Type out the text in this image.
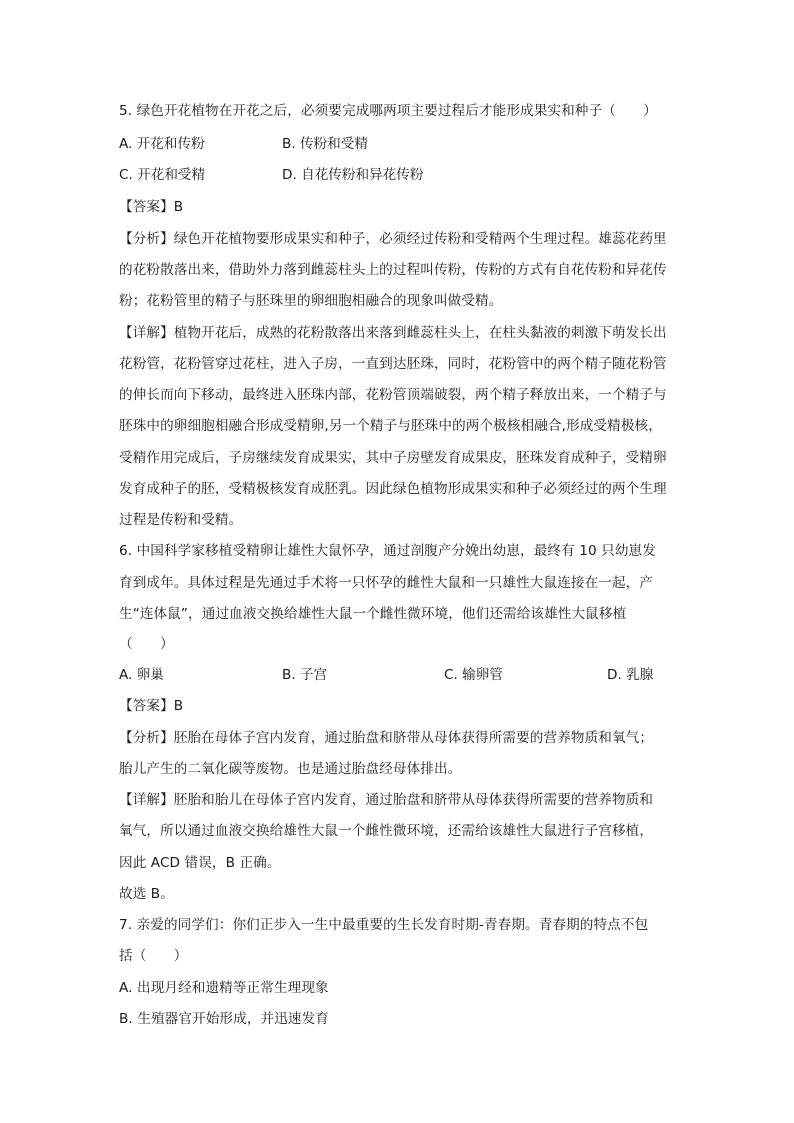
5. 绿色开花植物在开花之后，必须要完成哪两项主要过程后才能形成果实和种子（　　）
A. 开花和传粉	B. 传粉和受精
C. 开花和受精	D. 自花传粉和异花传粉
【答案】B
【分析】绿色开花植物要形成果实和种子，必须经过传粉和受精两个生理过程。雄蕊花药里
的花粉散落出来，借助外力落到雌蕊柱头上的过程叫传粉，传粉的方式有自花传粉和异花传
粉；花粉管里的精子与胚珠里的卵细胞相融合的现象叫做受精。
【详解】植物开花后，成熟的花粉散落出来落到雌蕊柱头上，在柱头黏液的刺激下萌发长出
花粉管，花粉管穿过花柱，进入子房，一直到达胚珠，同时，花粉管中的两个精子随花粉管
的伸长而向下移动，最终进入胚珠内部，花粉管顶端破裂，两个精子释放出来，一个精子与
胚珠中的卵细胞相融合形成受精卵,另一个精子与胚珠中的两个极核相融合,形成受精极核，
受精作用完成后，子房继续发育成果实，其中子房壁发育成果皮，胚珠发育成种子，受精卵
发育成种子的胚，受精极核发育成胚乳。因此绿色植物形成果实和种子必须经过的两个生理
过程是传粉和受精。
6. 中国科学家移植受精卵让雄性大鼠怀孕，通过剖腹产分娩出幼崽，最终有 10 只幼崽发
育到成年。具体过程是先通过手术将一只怀孕的雌性大鼠和一只雄性大鼠连接在一起，产
生“连体鼠”，通过血液交换给雄性大鼠一个雌性微环境，他们还需给该雄性大鼠移植
（　　）
A. 卵巢	B. 子宫	C. 输卵管	D. 乳腺
【答案】B
【分析】胚胎在母体子宫内发育，通过胎盘和脐带从母体获得所需要的营养物质和氧气；
胎儿产生的二氧化碳等废物。也是通过胎盘经母体排出。
【详解】胚胎和胎儿在母体子宫内发育，通过胎盘和脐带从母体获得所需要的营养物质和
氧气，所以通过血液交换给雄性大鼠一个雌性微环境，还需给该雄性大鼠进行子宫移植，
因此 ACD 错误，B 正确。
故选 B。
7. 亲爱的同学们：你们正步入一生中最重要的生长发育时期-青春期。青春期的特点不包
括（　　）
A. 出现月经和遗精等正常生理现象
B. 生殖器官开始形成，并迅速发育
